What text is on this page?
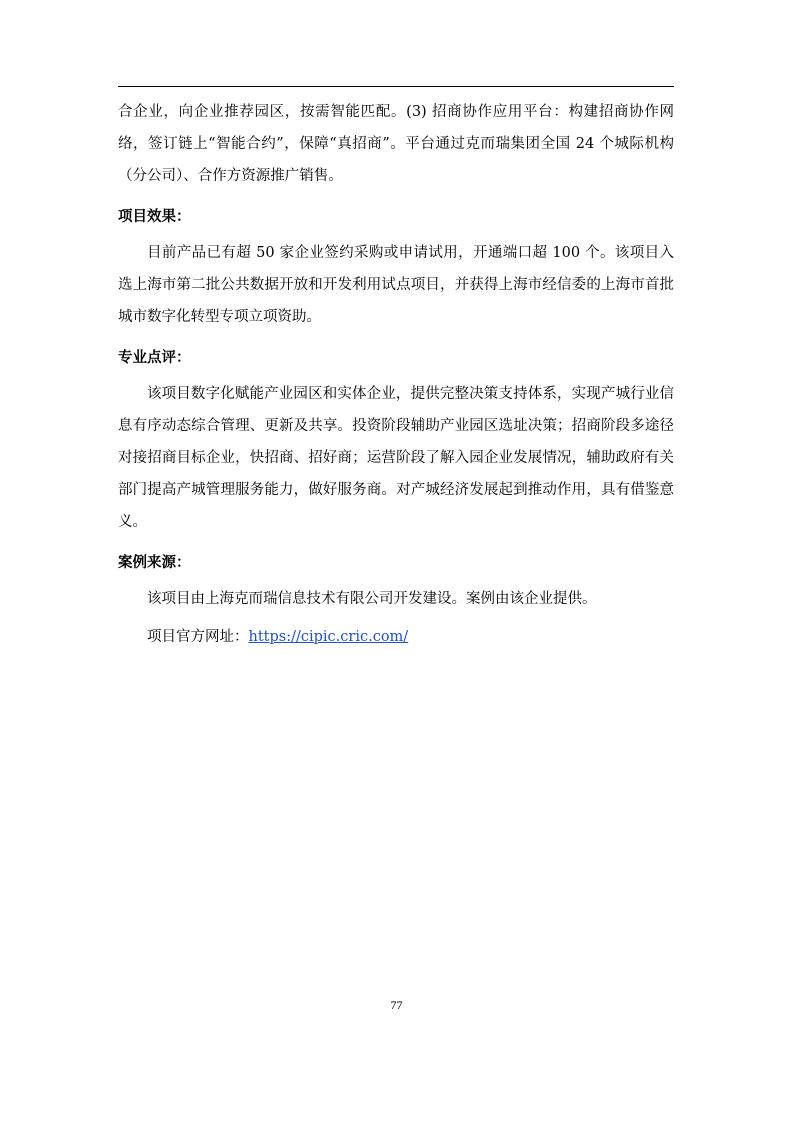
合企业，向企业推荐园区，按需智能匹配。(3) 招商协作应用平台：构建招商协作网络，签订链上“智能合约”，保障“真招商”。平台通过克而瑞集团全国 24 个城际机构（分公司）、合作方资源推广销售。

项目效果：

目前产品已有超 50 家企业签约采购或申请试用，开通端口超 100 个。该项目入选上海市第二批公共数据开放和开发利用试点项目，并获得上海市经信委的上海市首批城市数字化转型专项立项资助。

专业点评：

该项目数字化赋能产业园区和实体企业，提供完整决策支持体系，实现产城行业信息有序动态综合管理、更新及共享。投资阶段辅助产业园区选址决策；招商阶段多途径对接招商目标企业，快招商、招好商；运营阶段了解入园企业发展情况，辅助政府有关部门提高产城管理服务能力，做好服务商。对产城经济发展起到推动作用，具有借鉴意义。

案例来源：

该项目由上海克而瑞信息技术有限公司开发建设。案例由该企业提供。

项目官方网址：https://cipic.cric.com/

77
